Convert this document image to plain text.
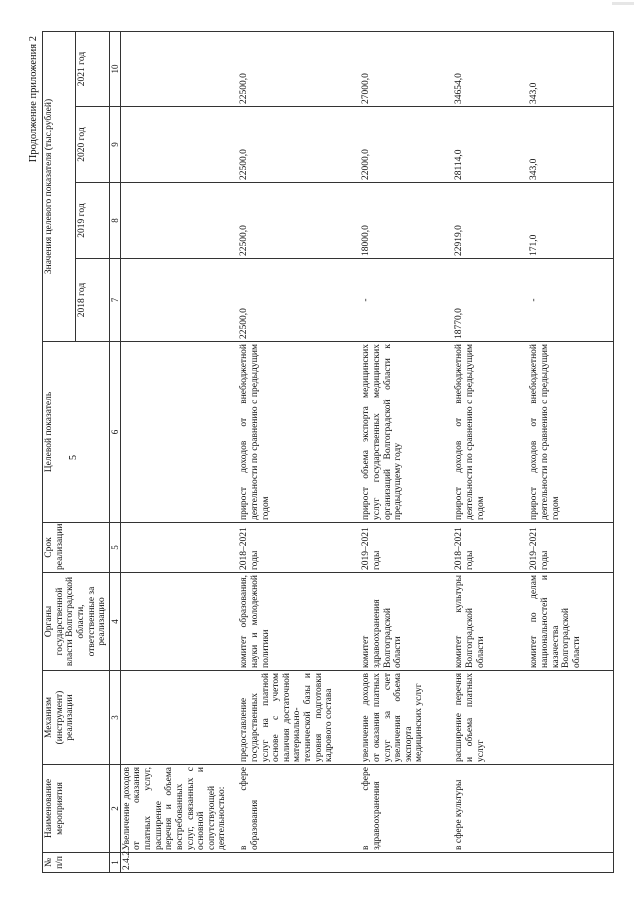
5
Продолжение приложения 2
№ п/п	Наименование мероприятия	Механизм (инструмент) реализации	Органы государственной власти Волгоградской области, ответственные за реализацию	Срок реализации	Целевой показатель	Значения целевого показателя (тыс.рублей)			
						2018 год	2019 год	2020 год	2021 год
1	2	3	4	5	6	7	8	9	10
2.4.2.	Увеличение доходов от оказания платных услуг, расширение перечня и объема востребованных услуг, связанных с основной и сопутствующей деятельностью:								
	в сфере образования	предоставление государственных услуг на платной основе с учетом наличия достаточной материально-технической базы и уровня подготовки кадрового состава	комитет образования, науки и молодежной политики	2018–2021 годы	прирост доходов от внебюджетной деятельности по сравнению с предыдущим годом	22500,0	22500,0	22500,0	22500,0
	в сфере здравоохранения	увеличение доходов от оказания платных услуг за счет увеличения объема экспорта медицинских услуг	комитет здравоохранения Волгоградской области	2019–2021 годы	прирост объема экспорта медицинских услуг государственных медицинских организаций Волгоградской области к предыдущему году	-	18000,0	22000,0	27000,0
	в сфере культуры	расширение перечня и объема платных услуг	комитет культуры Волгоградской области	2018–2021 годы	прирост доходов от внебюджетной деятельности по сравнению с предыдущим годом	18770,0	22919,0	28114,0	34654,0
			комитет по делам национальностей и казачества Волгоградской области	2019–2021 годы	прирост доходов от внебюджетной деятельности по сравнению с предыдущим годом	-	171,0	343,0	343,0
